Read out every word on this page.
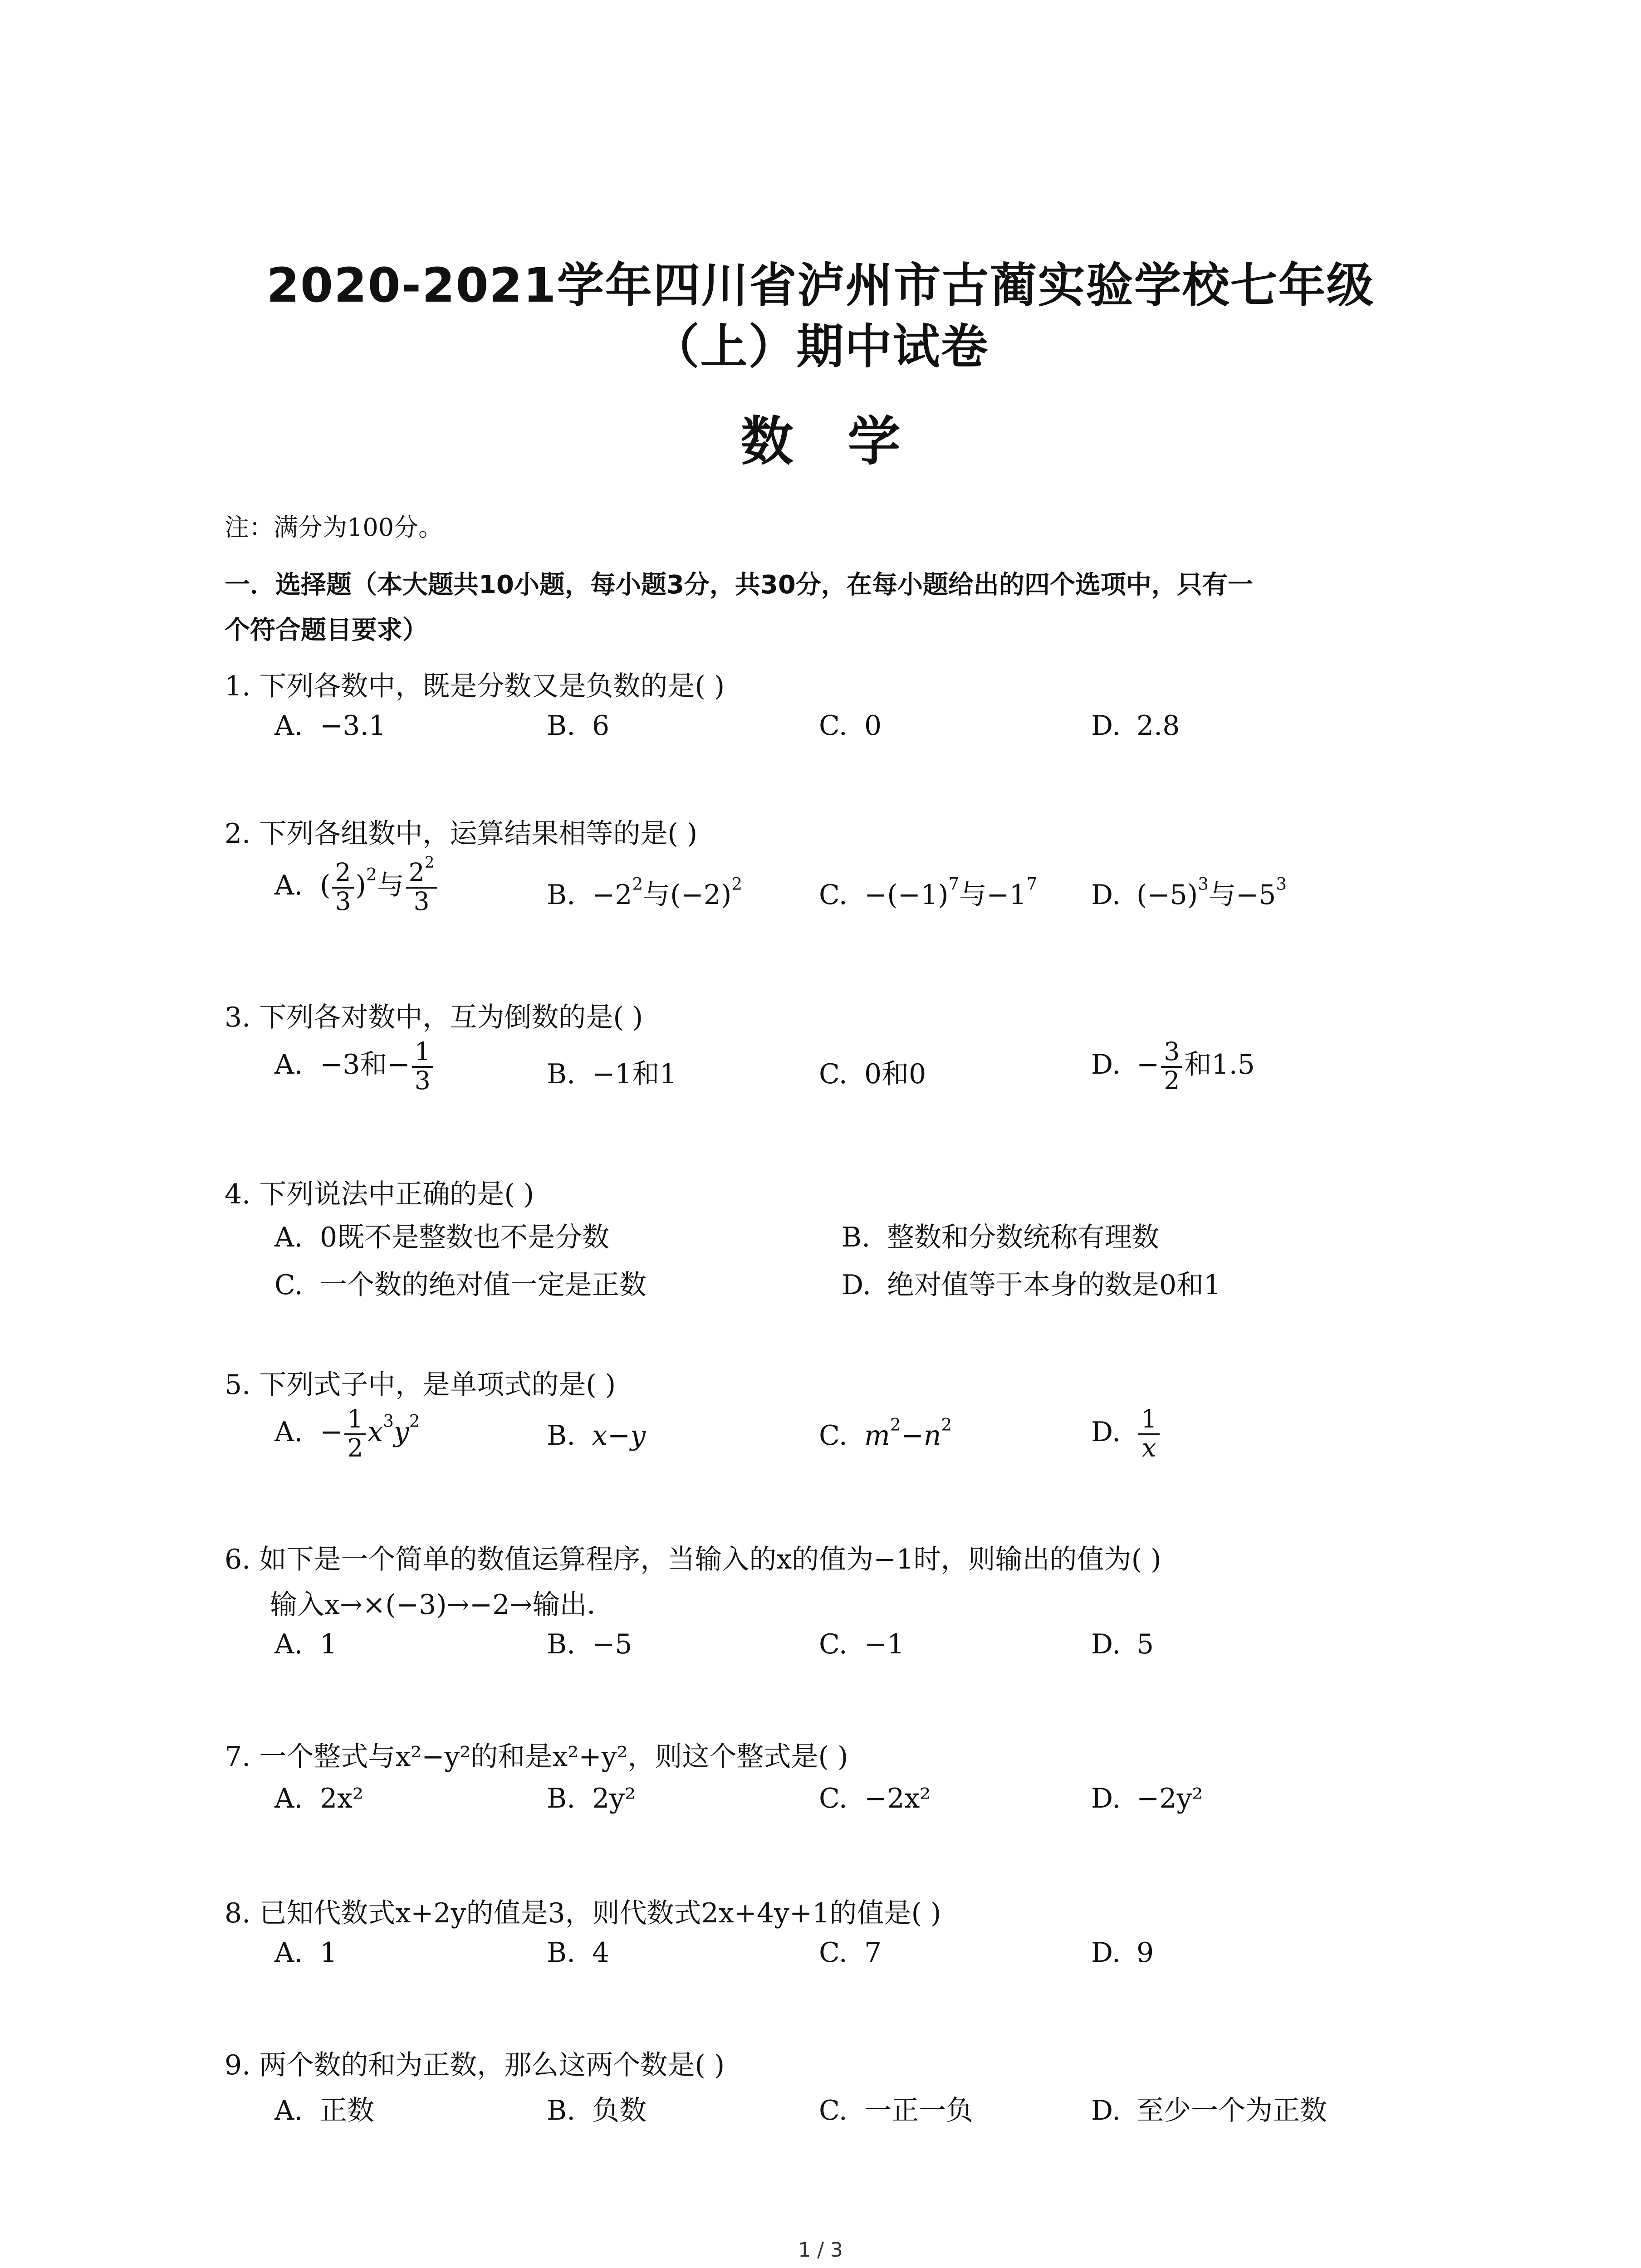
2020-2021学年四川省泸州市古蔺实验学校七年级
（上）期中试卷
数学
注：满分为100分。
一．选择题（本大题共10小题，每小题3分，共30分，在每小题给出的四个选项中，只有一
个符合题目要求）
1. 下列各数中，既是分数又是负数的是( )
A. −3.1	B. 6	C. 0	D. 2.8
2. 下列各组数中，运算结果相等的是( )
A. ( $\frac{2}{3} )^2$与 $\frac{2^2}{3}$	B. $-2^2$与$(-2)^2$	C. $-(-1)^7$与$-1^7$ D. $(-5)^3$与$-5^3$
3. 下列各对数中，互为倒数的是( )
A. −3和− $\frac{1}{3}$	B. −1和1	C. 0和0	D. − $\frac{3}{2}$ 和1.5
4. 下列说法中正确的是( )
A. 0既不是整数也不是分数	B. 整数和分数统称有理数
C. 一个数的绝对值一定是正数	D. 绝对值等于本身的数是0和1
5. 下列式子中，是单项式的是( )
A. − $\frac{1}{2} x^3y^2$	B. x−y	C. $m^2-n^2$	D. $\frac{1}{x}$
6. 如下是一个简单的数值运算程序，当输入的x的值为−1时，则输出的值为( )
输入x→×(−3)→−2→输出．
A. 1	B. −5	C. −1	D. 5
7. 一个整式与x²−y²的和是x²+y²，则这个整式是( )
A. 2x²	B. 2y²	C. −2x²	D. −2y²
8. 已知代数式x+2y的值是3，则代数式2x+4y+1的值是( )
A. 1	B. 4	C. 7	D. 9
9. 两个数的和为正数，那么这两个数是( )
A. 正数	B. 负数	C. 一正一负	D. 至少一个为正数
1 / 3
